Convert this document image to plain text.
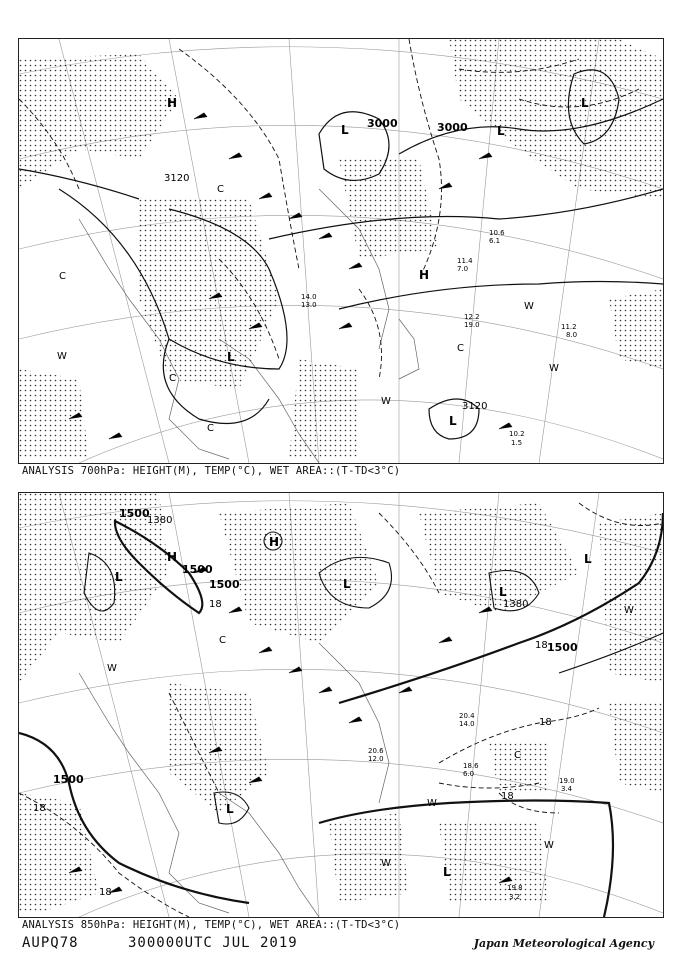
3000	3000
3120
3120
H
L	L
L
H
L
L
C
C
C
C
C
W
W
W
W
12.2
19.0	11.2
8.0
10.2
1.5
14.0
13.0
11.4
7.0
10.6
6.1
ANALYSIS 700hPa: HEIGHT(M), TEMP(°C), WET AREA::(T-TD<3°C)
1500
1500
1500
1500
1500
1380
1380
H
H
L
L
L
L
L
L
C
C
W
W
W
W
W
18
18
18
18
18
18
19.0
3.4
18.6
6.0
19.8
3.2
20.4
14.0
20.6
12.0
ANALYSIS 850hPa: HEIGHT(M), TEMP(°C), WET AREA::(T-TD<3°C)
AUPQ78	300000UTC JUL 2019	Japan Meteorological Agency
